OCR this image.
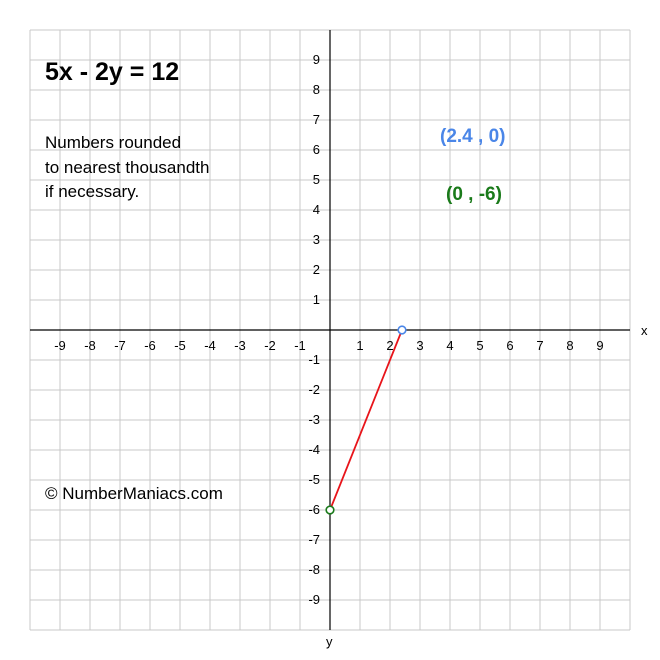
x
y
-9 -8 -7 -6 -5 -4 -3 -2 -1	1 2 3 4 5 6 7 8 9
9
8
7
6
5
4
3
2
1
-1
-2
-3
-4
-5
-6
-7
-8
-9
5x - 2y = 12
Numbers rounded
to nearest thousandth
if necessary.
(2.4 , 0)
(0 , -6)
© NumberManiacs.com
